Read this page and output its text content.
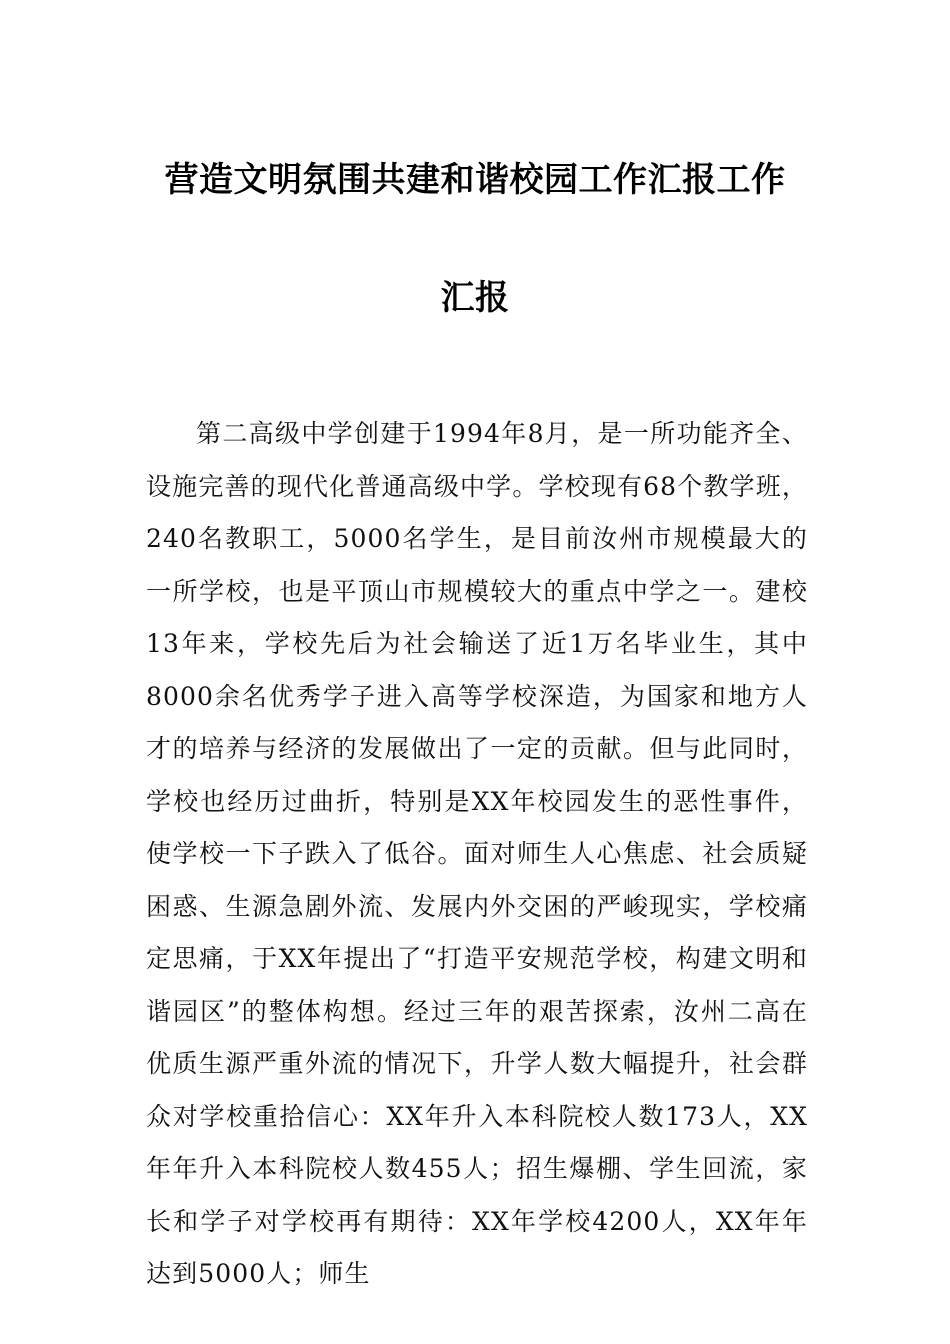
营造文明氛围共建和谐校园工作汇报工作
汇报

第二高级中学创建于1994年8月，是一所功能齐全、设施完善的现代化普通高级中学。学校现有68个教学班，240名教职工，5000名学生，是目前汝州市规模最大的一所学校，也是平顶山市规模较大的重点中学之一。建校13年来，学校先后为社会输送了近1万名毕业生，其中8000余名优秀学子进入高等学校深造，为国家和地方人才的培养与经济的发展做出了一定的贡献。但与此同时，学校也经历过曲折，特别是XX年校园发生的恶性事件，使学校一下子跌入了低谷。面对师生人心焦虑、社会质疑困惑、生源急剧外流、发展内外交困的严峻现实，学校痛定思痛，于XX年提出了“打造平安规范学校，构建文明和谐园区”的整体构想。经过三年的艰苦探索，汝州二高在优质生源严重外流的情况下，升学人数大幅提升，社会群众对学校重拾信心：XX年升入本科院校人数173人，XX年年升入本科院校人数455人；招生爆棚、学生回流，家长和学子对学校再有期待：XX年学校4200人，XX年年达到5000人；师生
